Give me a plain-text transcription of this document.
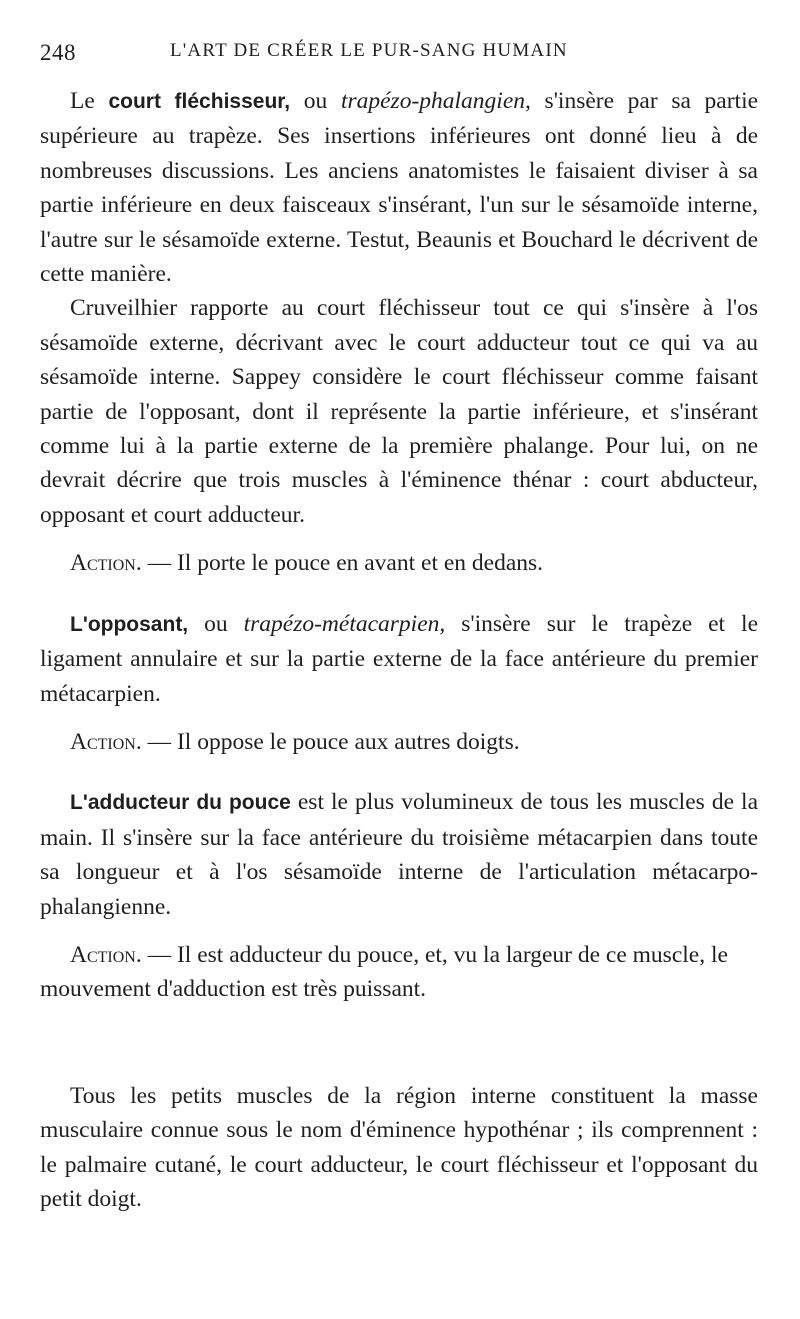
248	L'ART DE CRÉER LE PUR-SANG HUMAIN

Le court fléchisseur, ou trapézo-phalangien, s'insère par sa partie supérieure au trapèze. Ses insertions inférieures ont donné lieu à de nombreuses discussions. Les anciens anatomistes le faisaient diviser à sa partie inférieure en deux faisceaux s'insérant, l'un sur le sésamoïde interne, l'autre sur le sésamoïde externe. Testut, Beaunis et Bouchard le décrivent de cette manière.

Cruveilhier rapporte au court fléchisseur tout ce qui s'insère à l'os sésamoïde externe, décrivant avec le court adducteur tout ce qui va au sésamoïde interne. Sappey considère le court fléchisseur comme faisant partie de l'opposant, dont il représente la partie inférieure, et s'insérant comme lui à la partie externe de la première phalange. Pour lui, on ne devrait décrire que trois muscles à l'éminence thénar : court abducteur, opposant et court adducteur.

Action. — Il porte le pouce en avant et en dedans.

L'opposant, ou trapézo-métacarpien, s'insère sur le trapèze et le ligament annulaire et sur la partie externe de la face antérieure du premier métacarpien.

Action. — Il oppose le pouce aux autres doigts.

L'adducteur du pouce est le plus volumineux de tous les muscles de la main. Il s'insère sur la face antérieure du troisième métacarpien dans toute sa longueur et à l'os sésamoïde interne de l'articulation métacarpo-phalangienne.

Action. — Il est adducteur du pouce, et, vu la largeur de ce muscle, le mouvement d'adduction est très puissant.

Tous les petits muscles de la région interne constituent la masse musculaire connue sous le nom d'éminence hypothénar ; ils comprennent : le palmaire cutané, le court adducteur, le court fléchisseur et l'opposant du petit doigt.
